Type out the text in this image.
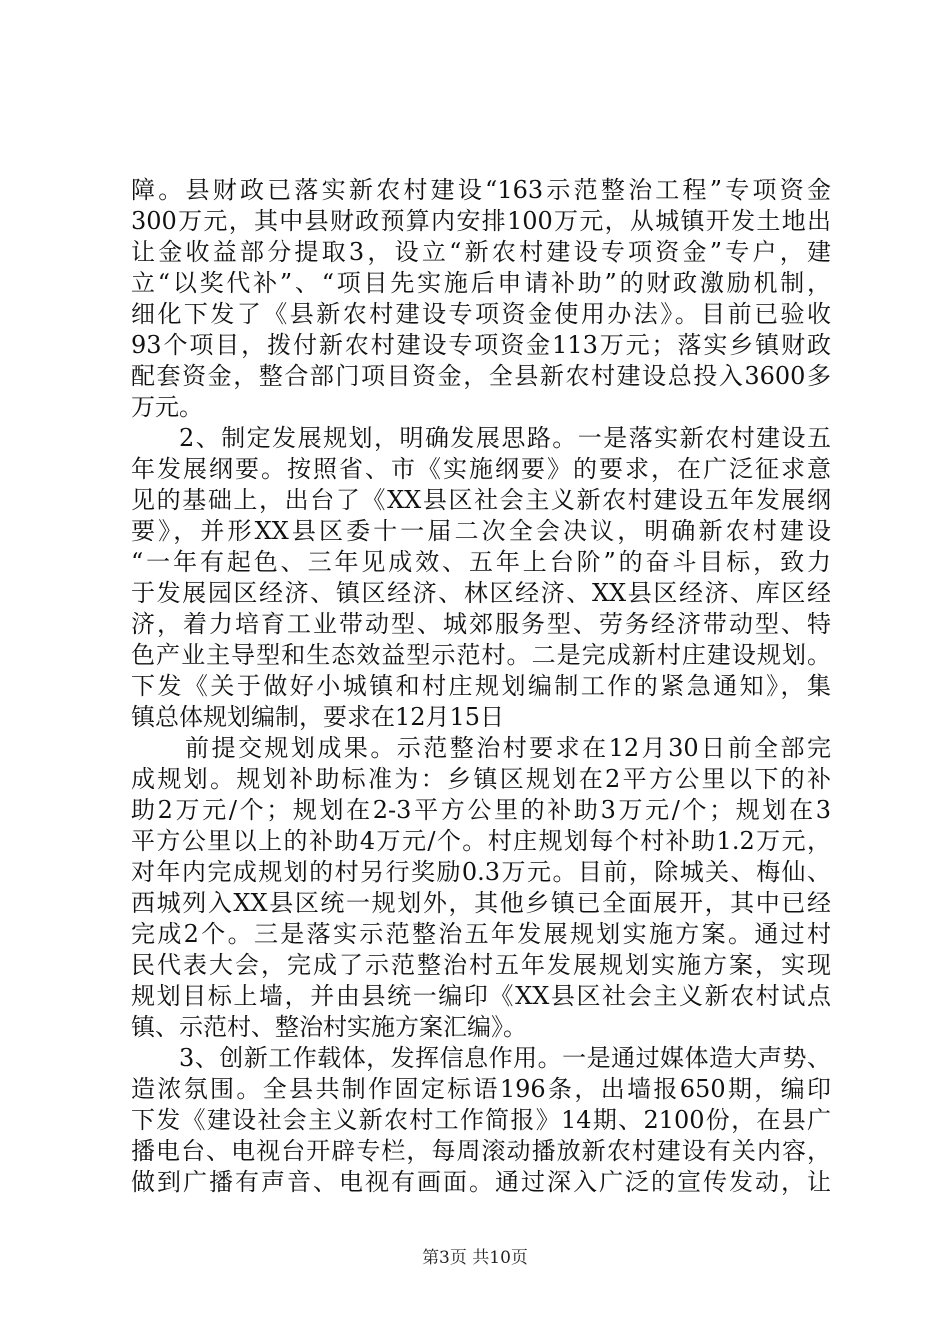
障。县财政已落实新农村建设“163示范整治工程”专项资金
300万元，其中县财政预算内安排100万元，从城镇开发土地出
让金收益部分提取3，设立“新农村建设专项资金”专户，建
立“以奖代补”、“项目先实施后申请补助”的财政激励机制，
细化下发了《县新农村建设专项资金使用办法》。目前已验收
93个项目，拨付新农村建设专项资金113万元；落实乡镇财政
配套资金，整合部门项目资金，全县新农村建设总投入3600多
万元。
2、制定发展规划，明确发展思路。一是落实新农村建设五
年发展纲要。按照省、市《实施纲要》的要求，在广泛征求意
见的基础上，出台了《XX县区社会主义新农村建设五年发展纲
要》，并形XX县区委十一届二次全会决议，明确新农村建设
“一年有起色、三年见成效、五年上台阶”的奋斗目标，致力
于发展园区经济、镇区经济、林区经济、XX县区经济、库区经
济，着力培育工业带动型、城郊服务型、劳务经济带动型、特
色产业主导型和生态效益型示范村。二是完成新村庄建设规划。
下发《关于做好小城镇和村庄规划编制工作的紧急通知》，集
镇总体规划编制，要求在12月15日
前提交规划成果。示范整治村要求在12月30日前全部完
成规划。规划补助标准为：乡镇区规划在2平方公里以下的补
助2万元/个；规划在2-3平方公里的补助3万元/个；规划在3
平方公里以上的补助4万元/个。村庄规划每个村补助1.2万元，
对年内完成规划的村另行奖励0.3万元。目前，除城关、梅仙、
西城列入XX县区统一规划外，其他乡镇已全面展开，其中已经
完成2个。三是落实示范整治五年发展规划实施方案。通过村
民代表大会，完成了示范整治村五年发展规划实施方案，实现
规划目标上墙，并由县统一编印《XX县区社会主义新农村试点
镇、示范村、整治村实施方案汇编》。
3、创新工作载体，发挥信息作用。一是通过媒体造大声势、
造浓氛围。全县共制作固定标语196条，出墙报650期，编印
下发《建设社会主义新农村工作简报》14期、2100份，在县广
播电台、电视台开辟专栏，每周滚动播放新农村建设有关内容，
做到广播有声音、电视有画面。通过深入广泛的宣传发动，让
第3页 共10页
